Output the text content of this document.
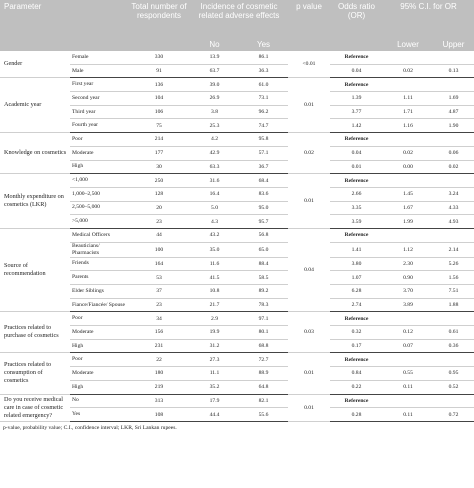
Parameter		Total number of respondents	Incidence of cosmetic related adverse effects		p value	Odds ratio (OR)	95% C.I. for OR	
			No	Yes			Lower	Upper
Gender	Female	330	13.9	86.1	<0.01	Reference		
	Male	91	63.7	36.3		0.04	0.02	0.13
Academic year	First year	136	39.0	61.0	0.01	Reference		
	Second year	104	26.9	73.1		1.39	1.11	1.69
	Third year	106	3.8	96.2		3.77	1.71	4.87
	Fourth year	75	25.3	74.7		1.42	1.16	1.90
Knowledge on cosmetics	Poor	214	4.2	95.8	0.02	Reference		
	Moderate	177	42.9	57.1		0.04	0.02	0.06
	High	30	63.3	36.7		0.01	0.00	0.02
Monthly expenditure on cosmetics (LKR)	<1,000	250	31.6	68.4	0.01	Reference		
	1,000–2,500	128	16.4	83.6		2.66	1.45	3.24
	2,500–5,000	20	5.0	95.0		3.35	1.67	4.33
	>5,000	23	4.3	95.7		3.59	1.99	4.93
Source of recommendation	Medical Officers	44	43.2	56.8	0.04	Reference		
	Beauticians/ Pharmacists	100	35.0	65.0		1.41	1.12	2.14
	Friends	164	11.6	88.4		3.80	2.30	5.26
	Parents	53	41.5	58.5		1.07	0.90	1.56
	Elder Siblings	37	10.8	89.2		6.28	3.70	7.51
	Fiance/Fiancée/ Spouse	23	21.7	78.3		2.74	3.89	1.88
Practices related to purchase of cosmetics	Poor	34	2.9	97.1	0.03	Reference		
	Moderate	156	19.9	80.1		0.32	0.12	0.61
	High	231	31.2	68.8		0.17	0.07	0.36
Practices related to consumption of cosmetics	Poor	22	27.3	72.7	0.01	Reference		
	Moderate	180	11.1	88.9		0.84	0.55	0.95
	High	219	35.2	64.8		0.22	0.11	0.52
Do you receive medical care in case of cosmetic related emergency?	No	313	17.9	82.1	0.01	Reference		
	Yes	108	44.4	55.6		0.28	0.11	0.72
p-value, probability value; C.I., confidence interval; LKR, Sri Lankan rupees.
